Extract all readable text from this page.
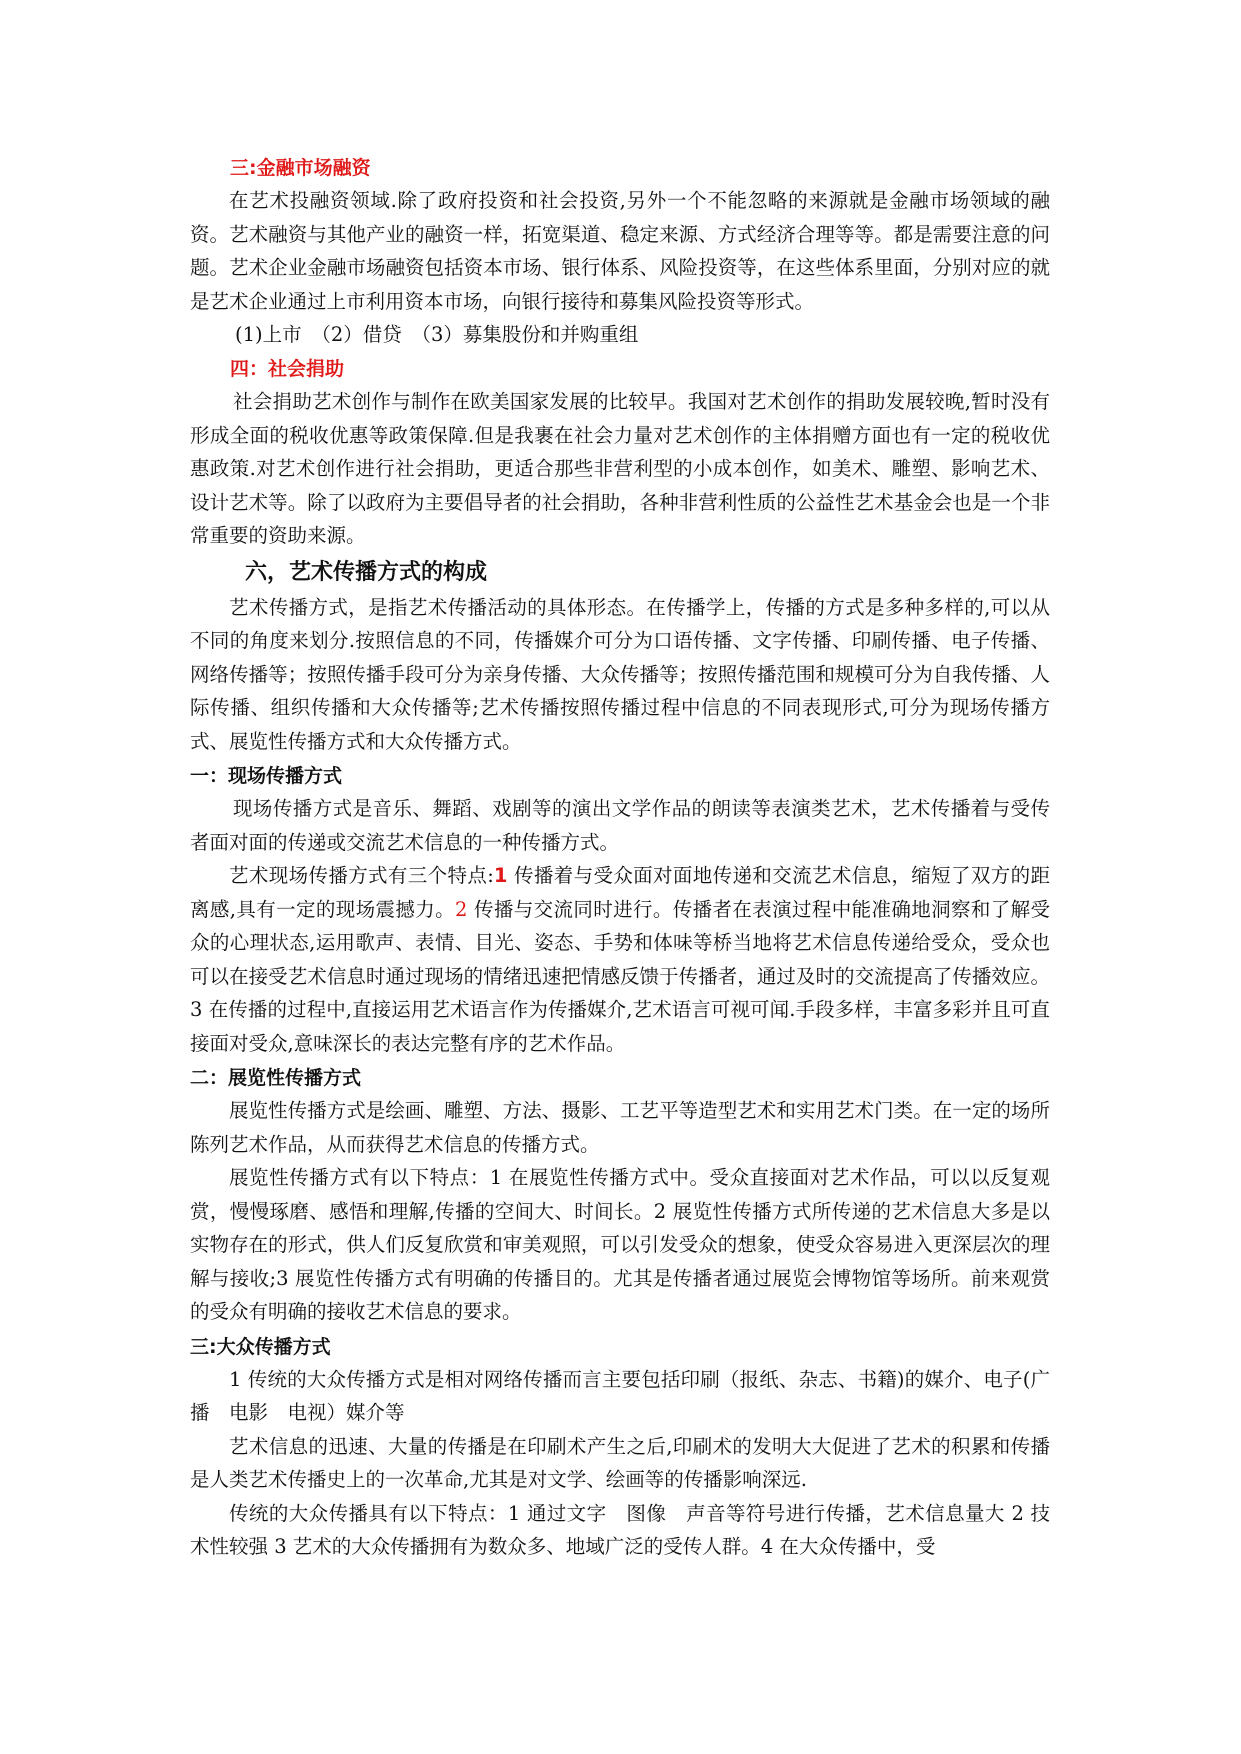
三:金融市场融资

在艺术投融资领域.除了政府投资和社会投资,另外一个不能忽略的来源就是金融市场领域的融资。艺术融资与其他产业的融资一样，拓宽渠道、稳定来源、方式经济合理等等。都是需要注意的问题。艺术企业金融市场融资包括资本市场、银行体系、风险投资等，在这些体系里面，分别对应的就是艺术企业通过上市利用资本市场，向银行接待和募集风险投资等形式。

(1)上市　（2）借贷　（3）募集股份和并购重组
四：社会捐助

社会捐助艺术创作与制作在欧美国家发展的比较早。我国对艺术创作的捐助发展较晚,暂时没有形成全面的税收优惠等政策保障.但是我裹在社会力量对艺术创作的主体捐赠方面也有一定的税收优惠政策.对艺术创作进行社会捐助，更适合那些非营利型的小成本创作，如美术、雕塑、影响艺术、设计艺术等。除了以政府为主要倡导者的社会捐助，各种非营利性质的公益性艺术基金会也是一个非常重要的资助来源。

六，艺术传播方式的构成

艺术传播方式，是指艺术传播活动的具体形态。在传播学上，传播的方式是多种多样的,可以从不同的角度来划分.按照信息的不同，传播媒介可分为口语传播、文字传播、印刷传播、电子传播、网络传播等；按照传播手段可分为亲身传播、大众传播等；按照传播范围和规模可分为自我传播、人际传播、组织传播和大众传播等;艺术传播按照传播过程中信息的不同表现形式,可分为现场传播方式、展览性传播方式和大众传播方式。

一：现场传播方式

现场传播方式是音乐、舞蹈、戏剧等的演出文学作品的朗读等表演类艺术，艺术传播着与受传者面对面的传递或交流艺术信息的一种传播方式。

艺术现场传播方式有三个特点:1 传播着与受众面对面地传递和交流艺术信息，缩短了双方的距离感,具有一定的现场震撼力。2 传播与交流同时进行。传播者在表演过程中能准确地洞察和了解受众的心理状态,运用歌声、表情、目光、姿态、手势和体味等桥当地将艺术信息传递给受众，受众也可以在接受艺术信息时通过现场的情绪迅速把情感反馈于传播者，通过及时的交流提高了传播效应。3 在传播的过程中,直接运用艺术语言作为传播媒介,艺术语言可视可闻.手段多样，丰富多彩并且可直接面对受众,意味深长的表达完整有序的艺术作品。

二：展览性传播方式

展览性传播方式是绘画、雕塑、方法、摄影、工艺平等造型艺术和实用艺术门类。在一定的场所陈列艺术作品，从而获得艺术信息的传播方式。

展览性传播方式有以下特点：1 在展览性传播方式中。受众直接面对艺术作品，可以以反复观赏，慢慢琢磨、感悟和理解,传播的空间大、时间长。2 展览性传播方式所传递的艺术信息大多是以实物存在的形式，供人们反复欣赏和审美观照，可以引发受众的想象，使受众容易进入更深层次的理解与接收;3 展览性传播方式有明确的传播目的。尤其是传播者通过展览会博物馆等场所。前来观赏的受众有明确的接收艺术信息的要求。

三:大众传播方式

1 传统的大众传播方式是相对网络传播而言主要包括印刷（报纸、杂志、书籍)的媒介、电子(广播　电影　电视）媒介等

艺术信息的迅速、大量的传播是在印刷术产生之后,印刷术的发明大大促进了艺术的积累和传播是人类艺术传播史上的一次革命,尤其是对文学、绘画等的传播影响深远.

传统的大众传播具有以下特点：1 通过文字　图像　声音等符号进行传播，艺术信息量大 2 技术性较强 3 艺术的大众传播拥有为数众多、地域广泛的受传人群。4 在大众传播中，受
